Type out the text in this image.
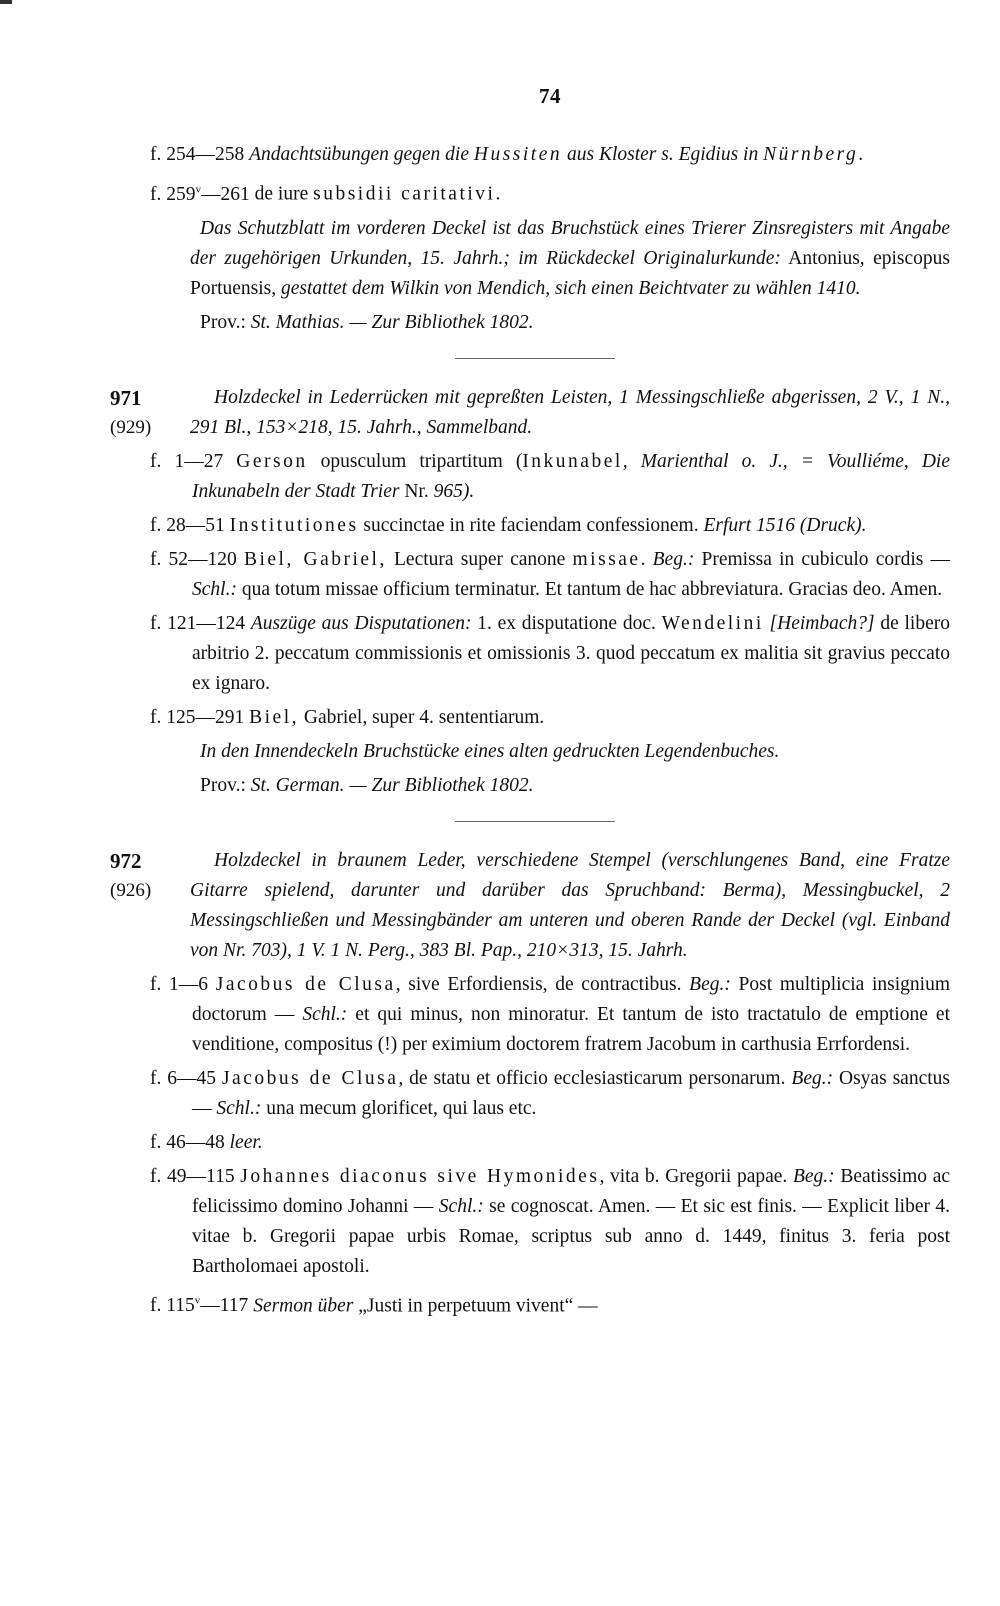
74
f. 254—258 Andachtsübungen gegen die Hussiten aus Kloster s. Egidius in Nürnberg.
f. 259$^v$—261 de iure subsidii caritativi.
Das Schutzblatt im vorderen Deckel ist das Bruchstück eines Trierer Zinsregisters mit Angabe der zugehörigen Urkunden, 15. Jahrh.; im Rückdeckel Originalurkunde: Antonius, episcopus Portuensis, gestattet dem Wilkin von Mendich, sich einen Beichtvater zu wählen 1410.
Prov.: St. Mathias. — Zur Bibliothek 1802.
971
(929)
Holzdeckel in Lederrücken mit gepreßten Leisten, 1 Messingschließe abgerissen, 2 V., 1 N., 291 Bl., 153×218, 15. Jahrh., Sammelband.
f. 1—27 Gerson opusculum tripartitum (Inkunabel, Marienthal o. J., = Voulliéme, Die Inkunabeln der Stadt Trier Nr. 965).
f. 28—51 Institutiones succinctae in rite faciendam confessionem. Erfurt 1516 (Druck).
f. 52—120 Biel, Gabriel, Lectura super canone missae. Beg.: Premissa in cubiculo cordis — Schl.: qua totum missae officium terminatur. Et tantum de hac abbreviatura. Gracias deo. Amen.
f. 121—124 Auszüge aus Disputationen: 1. ex disputatione doc. Wendelini [Heimbach?] de libero arbitrio 2. peccatum commissionis et omissionis 3. quod peccatum ex malitia sit gravius peccato ex ignaro.
f. 125—291 Biel, Gabriel, super 4. sententiarum.
In den Innendeckeln Bruchstücke eines alten gedruckten Legendenbuches.
Prov.: St. German. — Zur Bibliothek 1802.
972
(926)
Holzdeckel in braunem Leder, verschiedene Stempel (verschlungenes Band, eine Fratze Gitarre spielend, darunter und darüber das Spruchband: Berma), Messingbuckel, 2 Messingschließen und Messingbänder am unteren und oberen Rande der Deckel (vgl. Einband von Nr. 703), 1 V. 1 N. Perg., 383 Bl. Pap., 210×313, 15. Jahrh.
f. 1—6 Jacobus de Clusa, sive Erfordiensis, de contractibus. Beg.: Post multiplicia insignium doctorum — Schl.: et qui minus, non minoratur. Et tantum de isto tractatulo de emptione et venditione, compositus (!) per eximium doctorem fratrem Jacobum in carthusia Errfordensi.
f. 6—45 Jacobus de Clusa, de statu et officio ecclesiasticarum personarum. Beg.: Osyas sanctus — Schl.: una mecum glorificet, qui laus etc.
f. 46—48 leer.
f. 49—115 Johannes diaconus sive Hymonides, vita b. Gregorii papae. Beg.: Beatissimo ac felicissimo domino Johanni — Schl.: se cognoscat. Amen. — Et sic est finis. — Explicit liber 4. vitae b. Gregorii papae urbis Romae, scriptus sub anno d. 1449, finitus 3. feria post Bartholomaei apostoli.
f. 115$^v$—117 Sermon über „Justi in perpetuum vivent“ —
